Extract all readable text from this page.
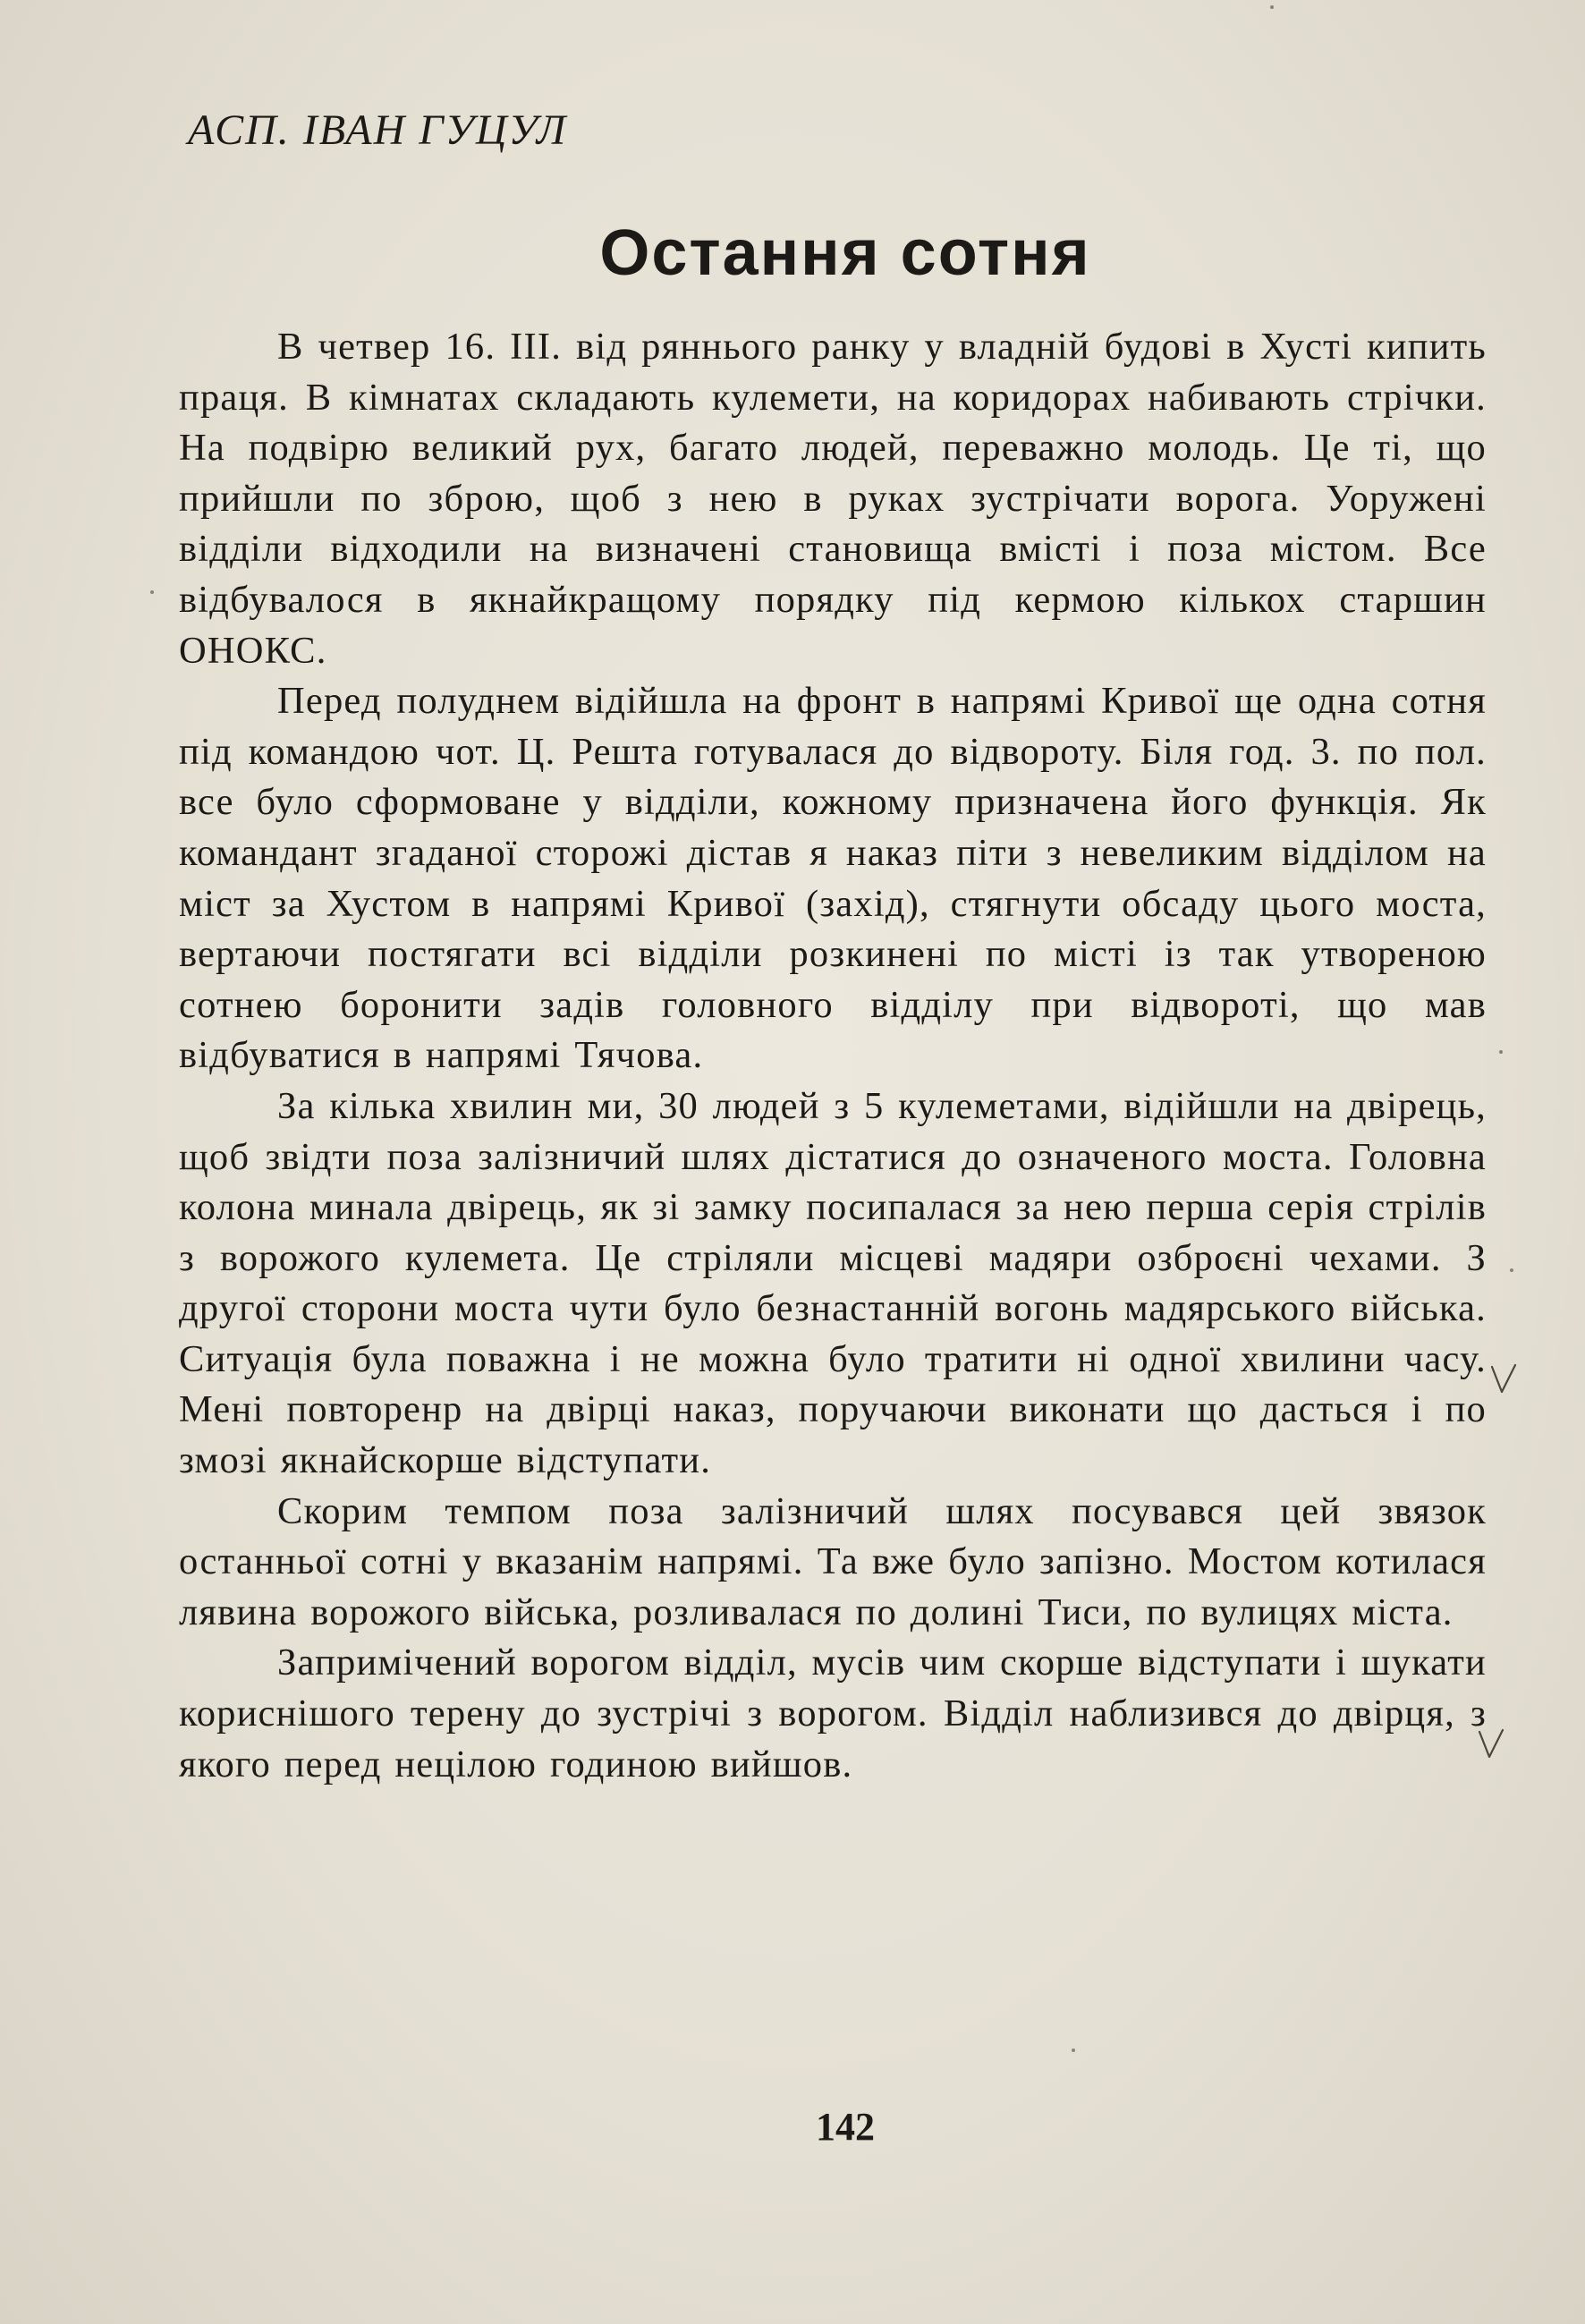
АСП. ІВАН ГУЦУЛ

Остання сотня

В четвер 16. ІІІ. від ряннього ранку у владній будові в Хусті кипить праця. В кімнатах складають кулемети, на коридорах набивають стрічки. На подвірю великий рух, багато людей, переважно молодь. Це ті, що прийшли по зброю, щоб з нею в руках зустрічати ворога. Уоружені відділи відходили на визначені становища вмісті і поза містом. Все відбувалося в якнайкращому порядку під кермою кількох старшин ОНОКС.

Перед полуднем відійшла на фронт в напрямі Кривої ще одна сотня під командою чот. Ц. Решта готувалася до відвороту. Біля год. 3. по пол. все було сформоване у відділи, кожному призначена його функція. Як командант згаданої сторожі дістав я наказ піти з невеликим відділом на міст за Хустом в напрямі Кривої (захід), стягнути обсаду цього моста, вертаючи постягати всі відділи розкинені по місті із так утвореною сотнею боронити задів головного відділу при відвороті, що мав відбуватися в напрямі Тячова.

За кілька хвилин ми, 30 людей з 5 кулеметами, відійшли на двірець, щоб звідти поза залізничий шлях дістатися до означеного моста. Головна колона минала двірець, як зі замку посипалася за нею перша серія стрілів з ворожого кулемета. Це стріляли місцеві мадяри озброєні чехами. З другої сторони моста чути було безнастанній вогонь мадярського війська. Ситуація була поважна і не можна було тратити ні одної хвилини часу. Мені повторенр на двірці наказ, поручаючи виконати що дасться і по змозі якнайскорше відступати.

Скорим темпом поза залізничий шлях посувався цей звязок останньої сотні у вказанім напрямі. Та вже було запізно. Мостом котилася лявина ворожого війська, розливалася по долині Тиси, по вулицях міста.

Запримічений ворогом відділ, мусів чим скорше відступати і шукати кориснішого терену до зустрічі з ворогом. Відділ наблизився до двірця, з якого перед нецілою годиною вийшов.

142
